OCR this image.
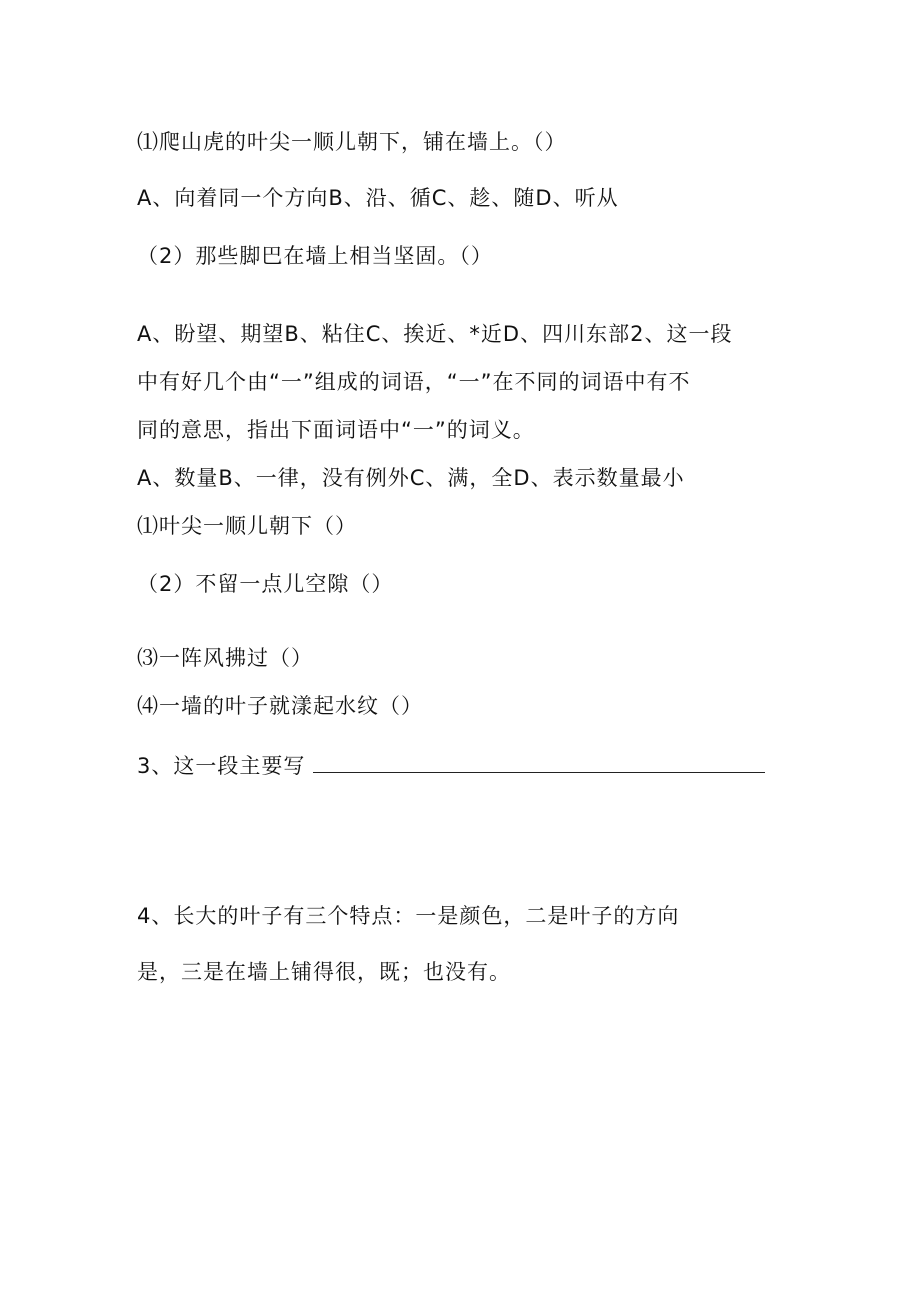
⑴爬山虎的叶尖一顺儿朝下，铺在墙上。（）
A、向着同一个方向B、沿、循C、趁、随D、听从
（2）那些脚巴在墙上相当坚固。（）
A、盼望、期望B、粘住C、挨近、*近D、四川东部2、这一段
中有好几个由“一”组成的词语，“一”在不同的词语中有不
同的意思，指出下面词语中“一”的词义。
A、数量B、一律，没有例外C、满，全D、表示数量最小
⑴叶尖一顺儿朝下（）
（2）不留一点儿空隙（）
⑶一阵风拂过（）
⑷一墙的叶子就漾起水纹（）
3、这一段主要写
4、长大的叶子有三个特点：一是颜色，二是叶子的方向
是，三是在墙上铺得很，既；也没有。
